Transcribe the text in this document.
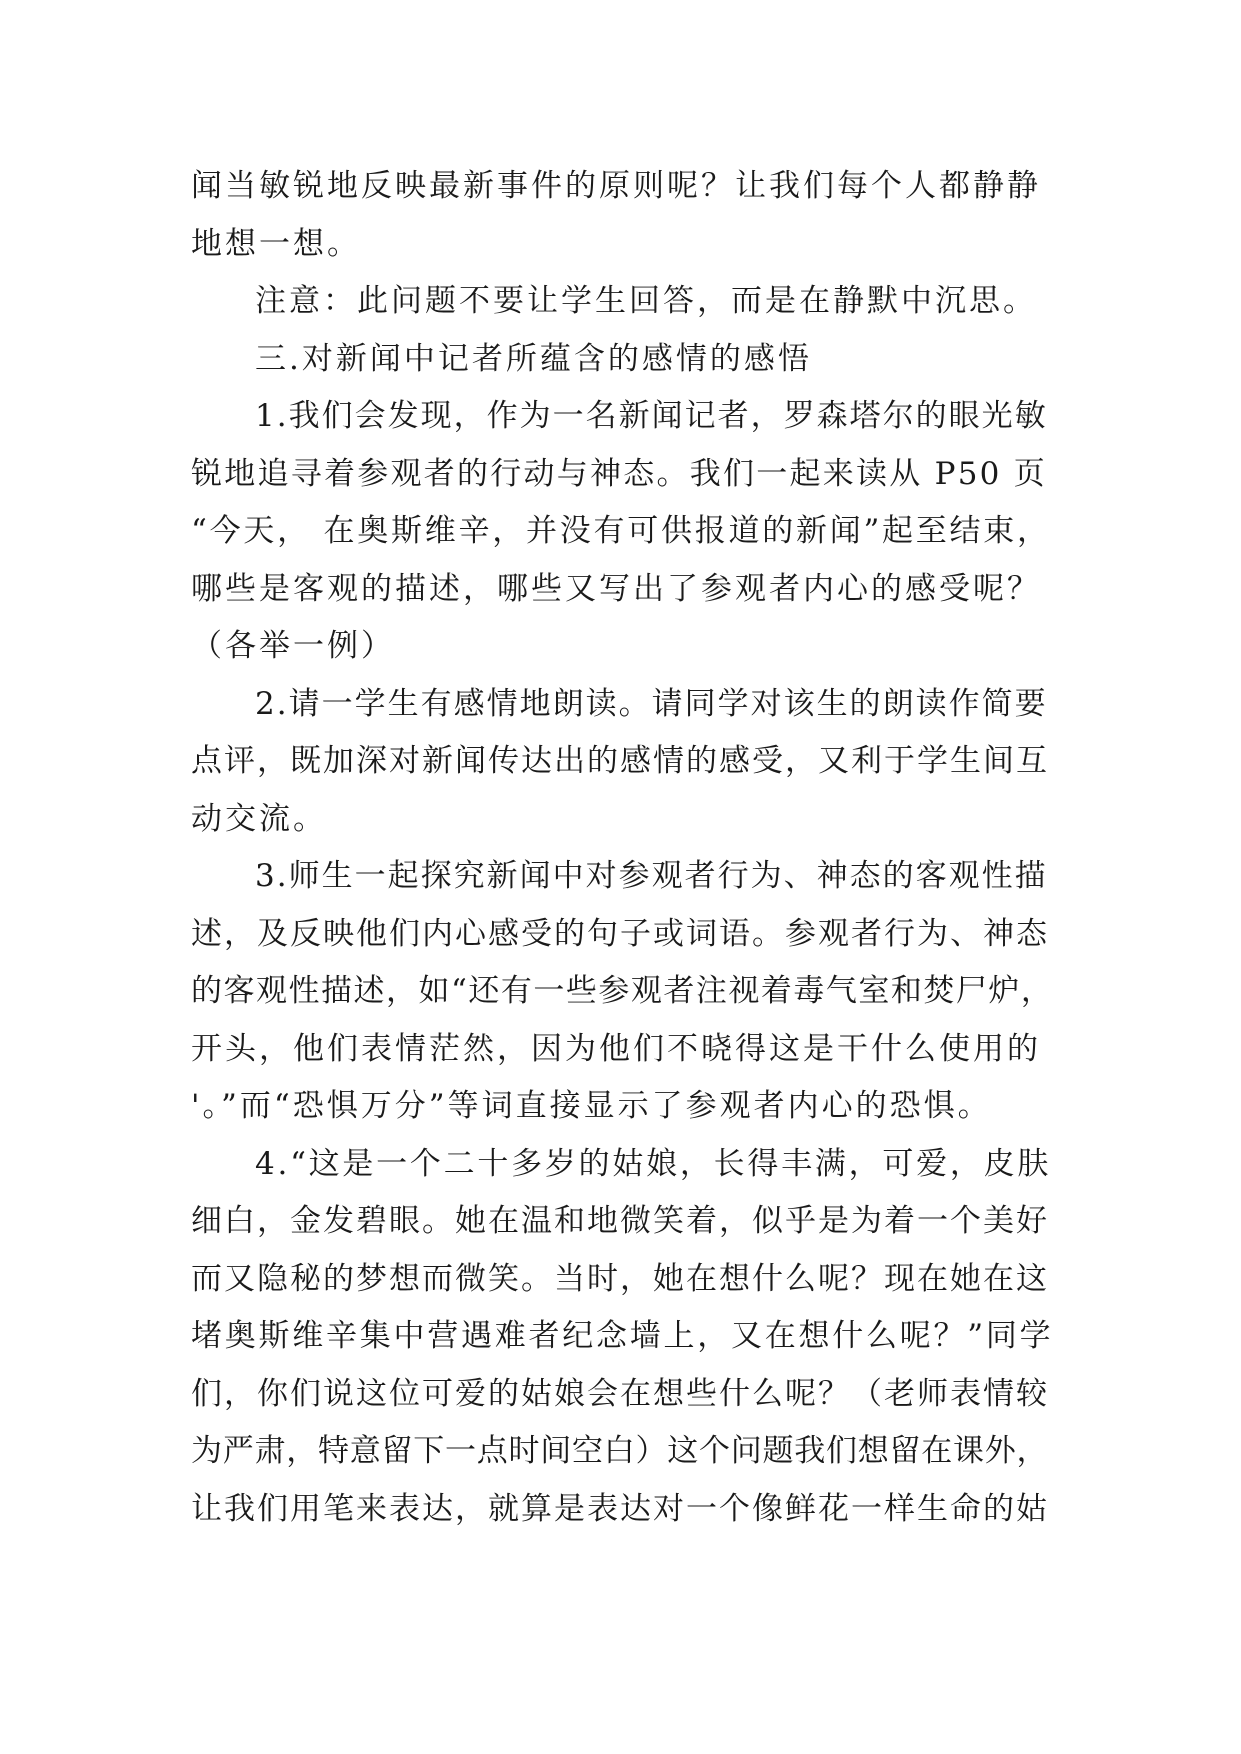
闻当敏锐地反映最新事件的原则呢？让我们每个人都静静
地想一想。
注意：此问题不要让学生回答，而是在静默中沉思。
三.对新闻中记者所蕴含的感情的感悟
1.我们会发现，作为一名新闻记者，罗森塔尔的眼光敏
锐地追寻着参观者的行动与神态。我们一起来读从 P50 页
“今天， 在奥斯维辛，并没有可供报道的新闻”起至结束，
哪些是客观的描述，哪些又写出了参观者内心的感受呢？
（各举一例）
2.请一学生有感情地朗读。请同学对该生的朗读作简要
点评，既加深对新闻传达出的感情的感受，又利于学生间互
动交流。
3.师生一起探究新闻中对参观者行为、神态的客观性描
述，及反映他们内心感受的句子或词语。参观者行为、神态
的客观性描述，如“还有一些参观者注视着毒气室和焚尸炉，
开头，他们表情茫然，因为他们不晓得这是干什么使用的
'。”而“恐惧万分”等词直接显示了参观者内心的恐惧。
4.“这是一个二十多岁的姑娘，长得丰满，可爱，皮肤
细白，金发碧眼。她在温和地微笑着，似乎是为着一个美好
而又隐秘的梦想而微笑。当时，她在想什么呢？现在她在这
堵奥斯维辛集中营遇难者纪念墙上，又在想什么呢？”同学
们，你们说这位可爱的姑娘会在想些什么呢？（老师表情较
为严肃，特意留下一点时间空白）这个问题我们想留在课外，
让我们用笔来表达，就算是表达对一个像鲜花一样生命的姑
